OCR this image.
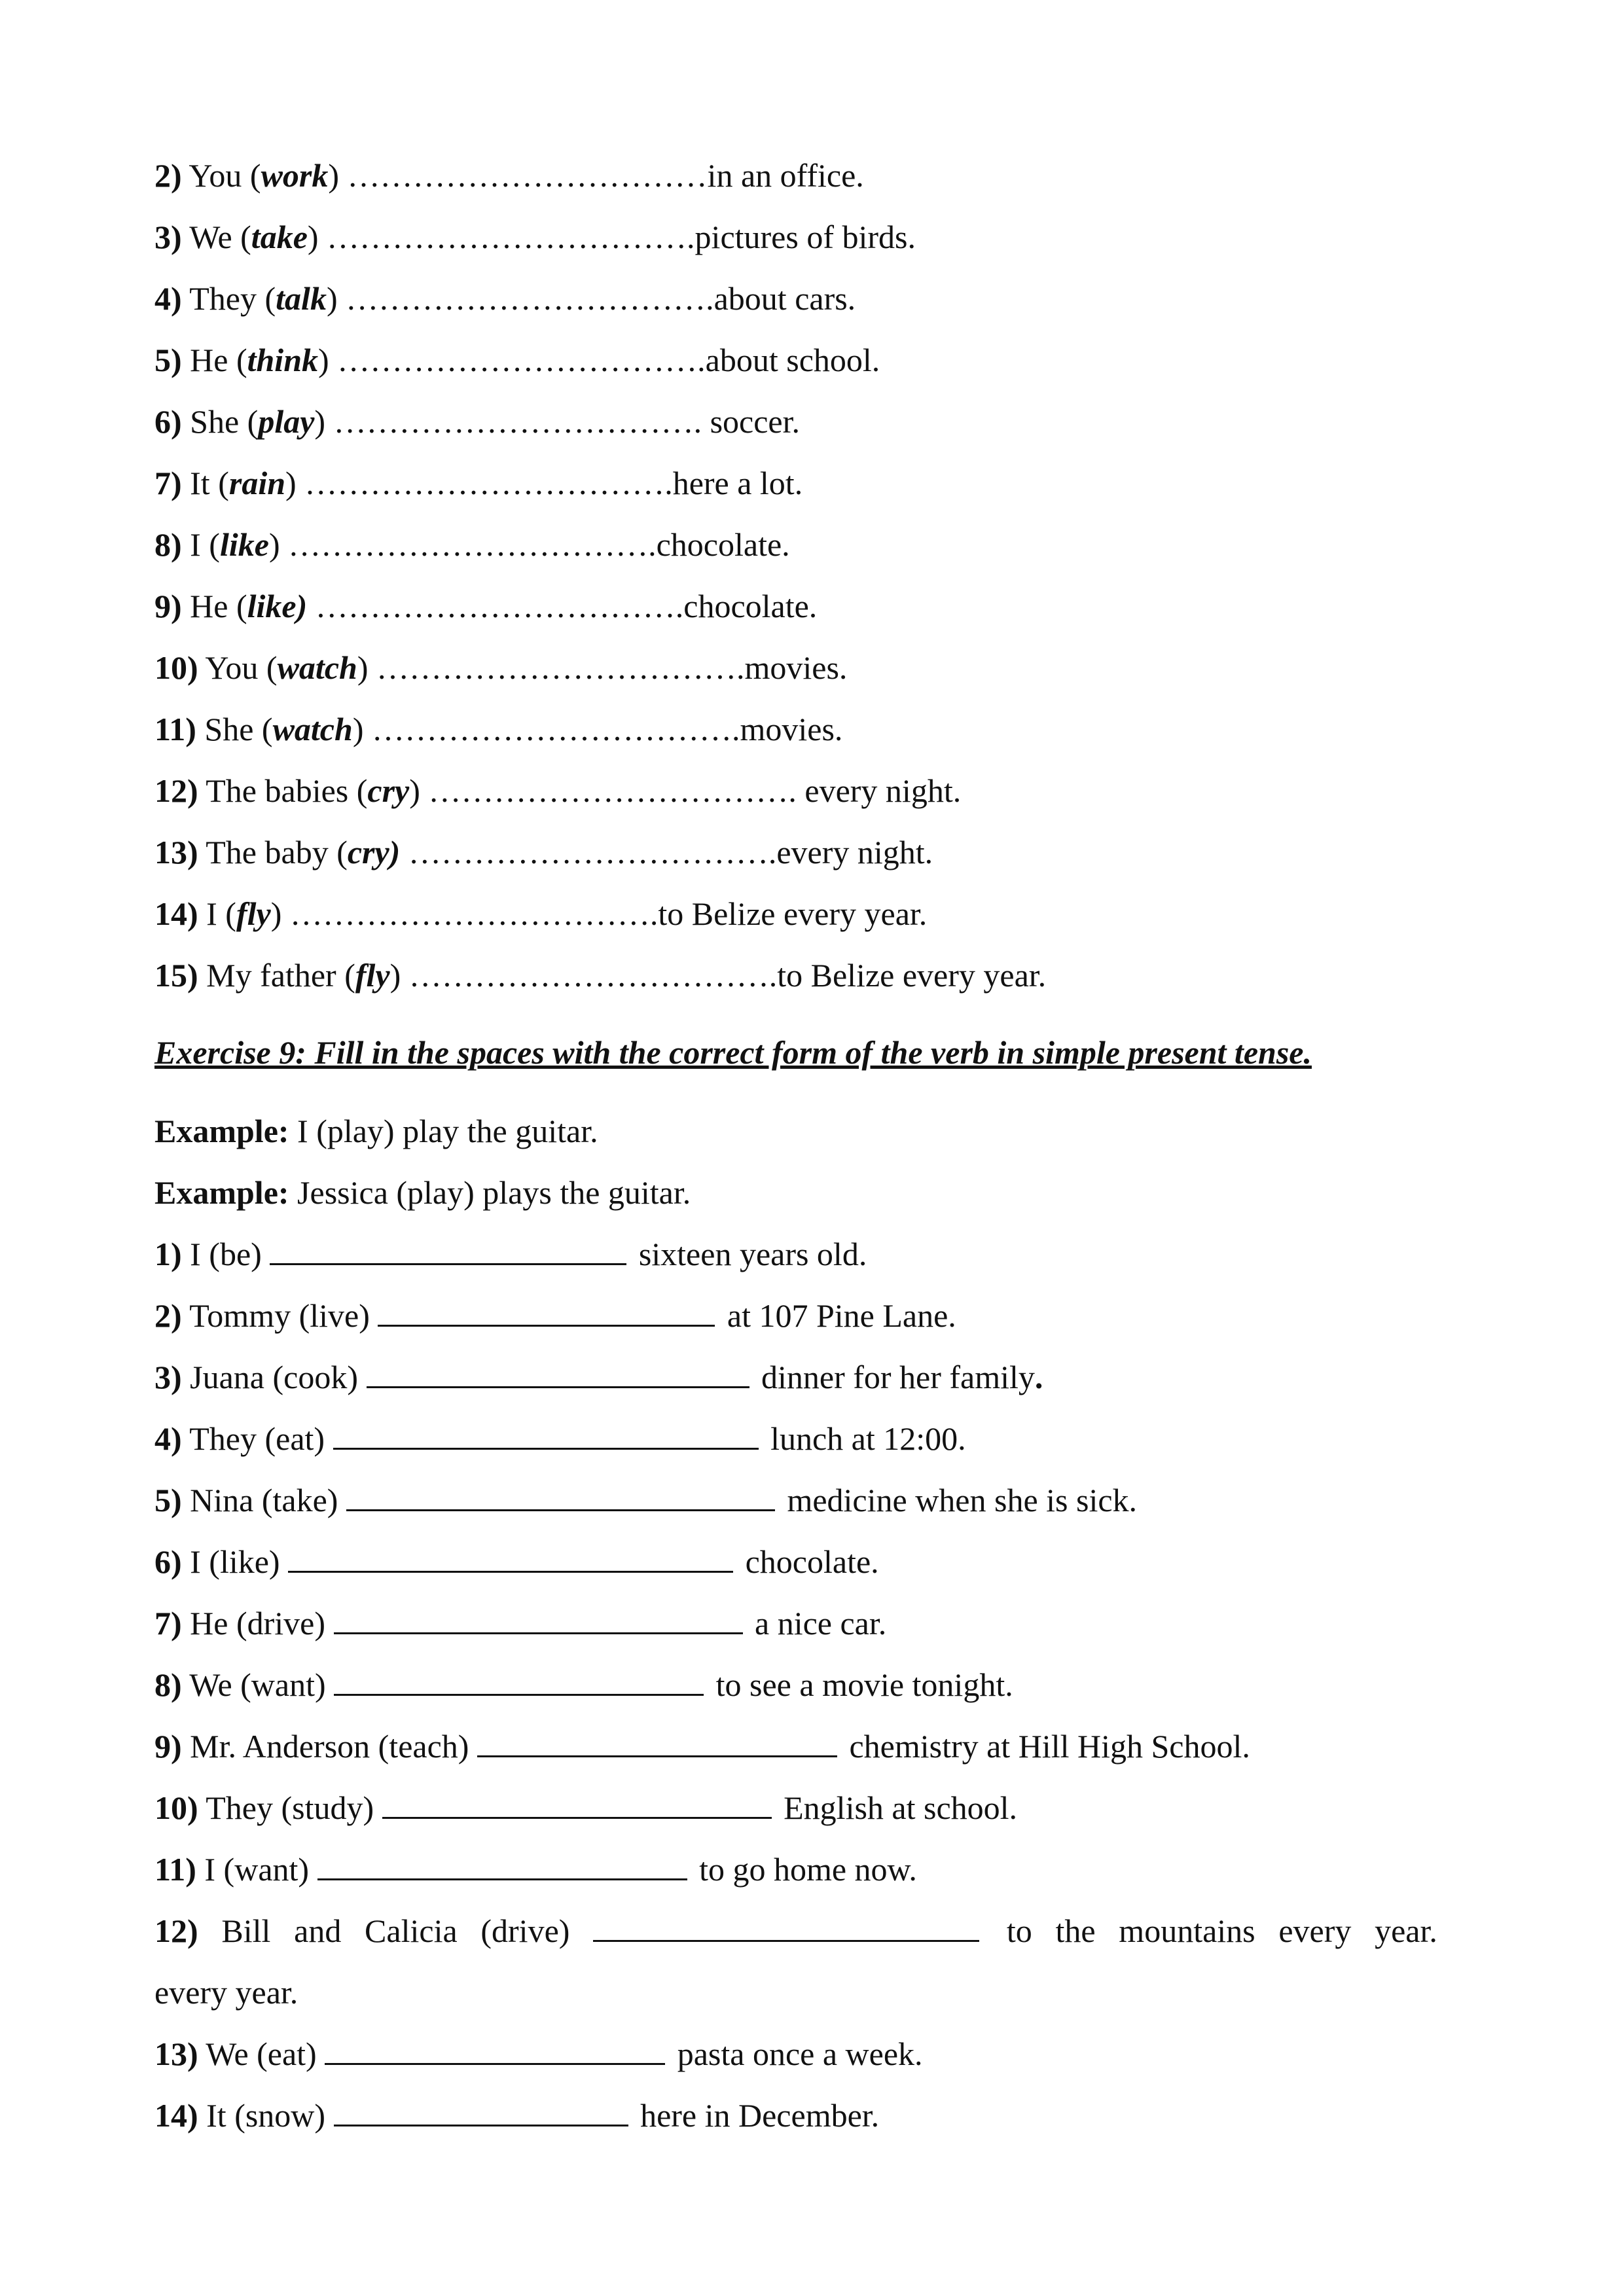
2) You (work) ……………………………in an office.
3) We (take) …………………………….pictures of birds.
4) They (talk) …………………………….about cars.
5) He (think) …………………………….about school.
6) She (play) ……………………………. soccer.
7) It (rain) …………………………….here a lot.
8) I (like) …………………………….chocolate.
9) He (like) …………………………….chocolate.
10) You (watch) …………………………….movies.
11) She (watch) …………………………….movies.
12) The babies (cry) ……………………………. every night.
13) The baby (cry) …………………………….every night.
14) I (fly) …………………………….to Belize every year.
15) My father (fly) …………………………….to Belize every year.
Exercise 9: Fill in the spaces with the correct form of the verb in simple present tense.
Example: I (play) play the guitar.
Example: Jessica (play) plays the guitar.
1) I (be)	sixteen years old.
2) Tommy (live)	at 107 Pine Lane.
3) Juana (cook)	dinner for her family.
4) They (eat)	lunch at 12:00.
5) Nina (take)	medicine when she is sick.
6) I (like)	chocolate.
7) He (drive)	a nice car.
8) We (want)	to see a movie tonight.
9) Mr. Anderson (teach)	chemistry at Hill High School.
10) They (study)	English at school.
11) I (want)	to go home now.
12) Bill and Calicia (drive)	to the mountains every year.
every year.
13) We (eat)	pasta once a week.
14) It (snow)	here in December.
